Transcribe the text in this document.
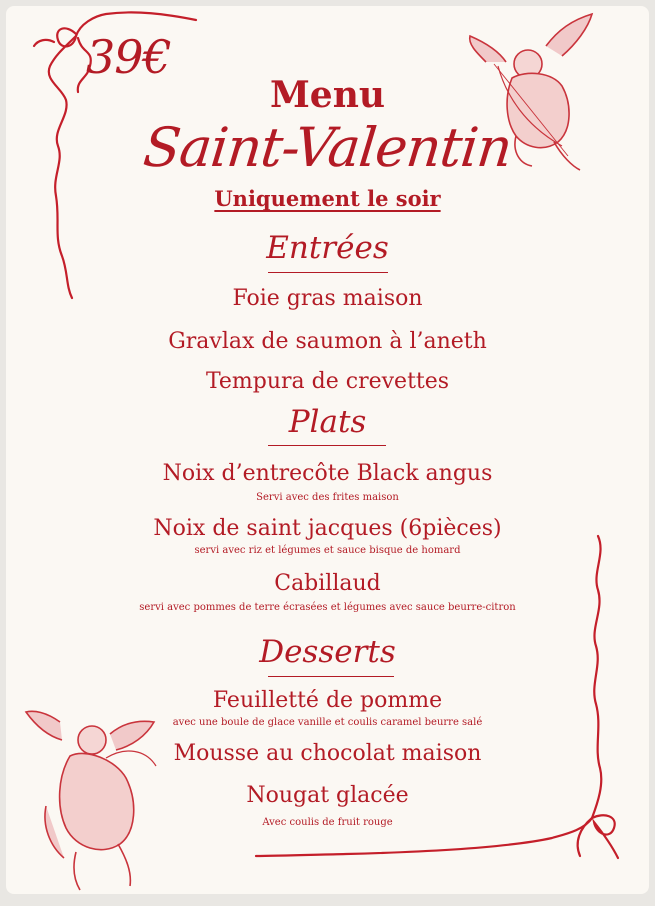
39€
Menu
Saint-Valentin
Uniquement le soir
Entrées
Foie gras maison
Gravlax de saumon à l’aneth
Tempura de crevettes
Plats
Noix d’entrecôte Black angus
Servi avec des frites maison
Noix de saint jacques (6pièces)
servi avec riz et légumes et sauce bisque de homard
Cabillaud
servi avec pommes de terre écrasées et légumes avec sauce beurre-citron
Desserts
Feuilletté de pomme
avec une boule de glace vanille et coulis caramel beurre salé
Mousse au chocolat maison
Nougat glacée
Avec coulis de fruit rouge
